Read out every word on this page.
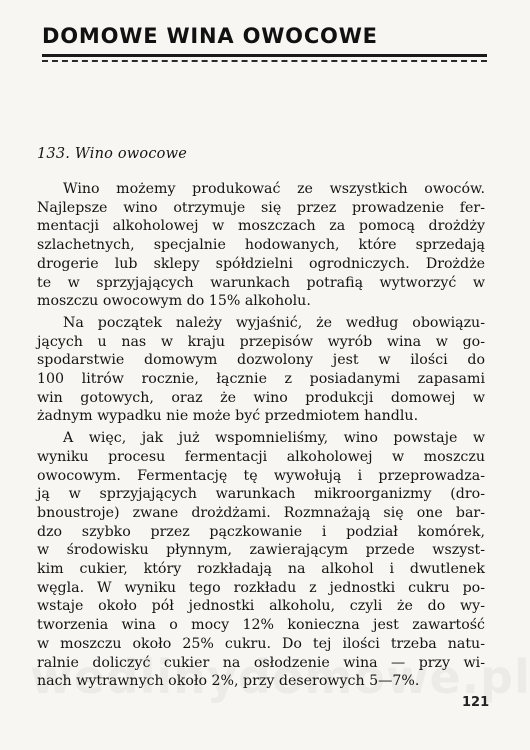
DOMOWE WINA OWOCOWE
133. Wino owocowe

Wino możemy produkować ze wszystkich owoców.
Najlepsze wino otrzymuje się przez prowadzenie fer-
mentacji alkoholowej w moszczach za pomocą drożdży
szlachetnych, specjalnie hodowanych, które sprzedają
drogerie lub sklepy spółdzielni ogrodniczych. Drożdże
te w sprzyjających warunkach potrafią wytworzyć w
moszczu owocowym do 15% alkoholu.

Na początek należy wyjaśnić, że według obowiązu-
jących u nas w kraju przepisów wyrób wina w go-
spodarstwie domowym dozwolony jest w ilości do
100 litrów rocznie, łącznie z posiadanymi zapasami
win gotowych, oraz że wino produkcji domowej w
żadnym wypadku nie może być przedmiotem handlu.

A więc, jak już wspomnieliśmy, wino powstaje w
wyniku procesu fermentacji alkoholowej w moszczu
owocowym. Fermentację tę wywołują i przeprowadza-
ją w sprzyjających warunkach mikroorganizmy (dro-
bnoustroje) zwane drożdżami. Rozmnażają się one bar-
dzo szybko przez pączkowanie i podział komórek,
w środowisku płynnym, zawierającym przede wszyst-
kim cukier, który rozkładają na alkohol i dwutlenek
węgla. W wyniku tego rozkładu z jednostki cukru po-
wstaje około pół jednostki alkoholu, czyli że do wy-
tworzenia wina o mocy 12% konieczna jest zawartość
w moszczu około 25% cukru. Do tej ilości trzeba natu-
ralnie doliczyć cukier na osłodzenie wina — przy wi-
nach wytrawnych około 2%, przy deserowych 5—7%.

121
